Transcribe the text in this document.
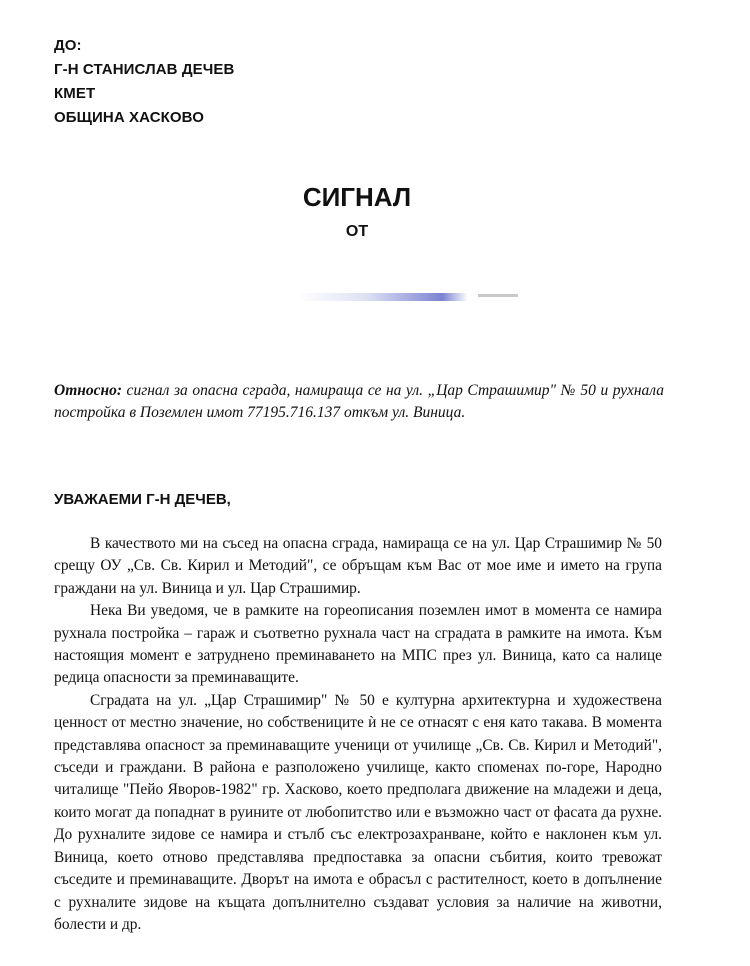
ДО:
Г-Н СТАНИСЛАВ ДЕЧЕВ
КМЕТ
ОБЩИНА ХАСКОВО
СИГНАЛ
ОТ
Относно: сигнал за опасна сграда, намираща се на ул. „Цар Страшимир" № 50 и рухнала постройка в Поземлен имот 77195.716.137 откъм ул. Виница.
УВАЖАЕМИ Г-Н ДЕЧЕВ,

В качеството ми на съсед на опасна сграда, намираща се на ул. Цар Страшимир № 50 срещу ОУ „Св. Св. Кирил и Методий", се обръщам към Вас от мое име и името на група граждани на ул. Виница и ул. Цар Страшимир.

Нека Ви уведомя, че в рамките на гореописания поземлен имот в момента се намира рухнала постройка – гараж и съответно рухнала част на сградата в рамките на имота. Към настоящия момент е затруднено преминаването на МПС през ул. Виница, като са налице редица опасности за преминаващите.

Сградата на ул. „Цар Страшимир" № 50 е културна архитектурна и художествена ценност от местно значение, но собствениците ѝ не се отнасят с еня като такава. В момента представлява опасност за преминаващите ученици от училище „Св. Св. Кирил и Методий", съседи и граждани. В района е разположено училище, както споменах по-горе, Народно читалище "Пейо Яворов-1982" гр. Хасково, което предполага движение на младежи и деца, които могат да попаднат в руините от любопитство или е възможно част от фасата да рухне. До рухналите зидове се намира и стълб със електрозахранване, който е наклонен към ул. Виница, което отново представлява предпоставка за опасни събития, които тревожат съседите и преминаващите. Дворът на имота е обрасъл с растителност, което в допълнение с рухналите зидове на къщата допълнително създават условия за наличие на животни, болести и др.
